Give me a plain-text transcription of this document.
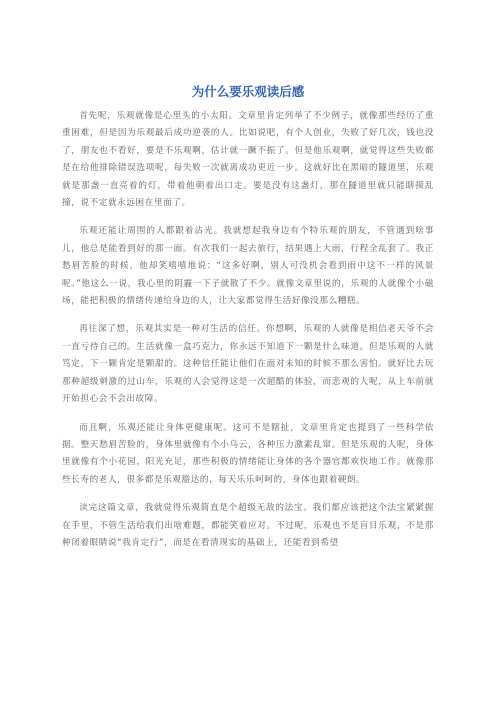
为什么要乐观读后感

首先呢，乐观就像是心里头的小太阳。文章里肯定列举了不少例子，就像那些经历了重重困难，但是因为乐观最后成功逆袭的人。比如说吧，有个人创业，失败了好几次，钱也没了，朋友也不看好，要是不乐观啊，估计就一蹶不振了。但是他乐观啊，就觉得这些失败都是在给他排除错误选项呢，每失败一次就离成功更近一步。这就好比在黑暗的隧道里，乐观就是那盏一直亮着的灯，带着他朝着出口走。要是没有这盏灯，那在隧道里就只能瞎摸乱撞，说不定就永远困在里面了。

乐观还能让周围的人都跟着沾光。我就想起我身边有个特乐观的朋友，不管遇到啥事儿，他总是能看到好的那一面。有次我们一起去旅行，结果遇上大雨，行程全乱套了。我正愁眉苦脸的时候，他却笑嘻嘻地说：“这多好啊，别人可没机会看到雨中这不一样的风景呢。”他这么一说，我心里的阴霾一下子就散了不少。就像文章里说的，乐观的人就像个小磁场，能把积极的情绪传递给身边的人，让大家都觉得生活好像没那么糟糕。

再往深了想，乐观其实是一种对生活的信任。你想啊，乐观的人就像是相信老天爷不会一直亏待自己的。生活就像一盒巧克力，你永远不知道下一颗是什么味道。但是乐观的人就笃定，下一颗肯定是颗甜的。这种信任能让他们在面对未知的时候不那么害怕。就好比去玩那种超级刺激的过山车，乐观的人会觉得这是一次超酷的体验，而悲观的人呢，从上车前就开始担心会不会出故障。

而且啊，乐观还能让身体更健康呢。这可不是瞎扯，文章里肯定也提到了一些科学依据。整天愁眉苦脸的，身体里就像有个小乌云，各种压力激素乱窜。但是乐观的人呢，身体里就像有个小花园，阳光充足，那些积极的情绪能让身体的各个器官都欢快地工作。就像那些长寿的老人，很多都是乐观豁达的，每天乐乐呵呵的，身体也跟着硬朗。

读完这篇文章，我就觉得乐观简直是个超级无敌的法宝。我们都应该把这个法宝紧紧握在手里，不管生活给我们出啥难题，都能笑着应对。不过呢，乐观也不是盲目乐观，不是那种闭着眼睛说“我肯定行”，而是在看清现实的基础上，还能看到希望
